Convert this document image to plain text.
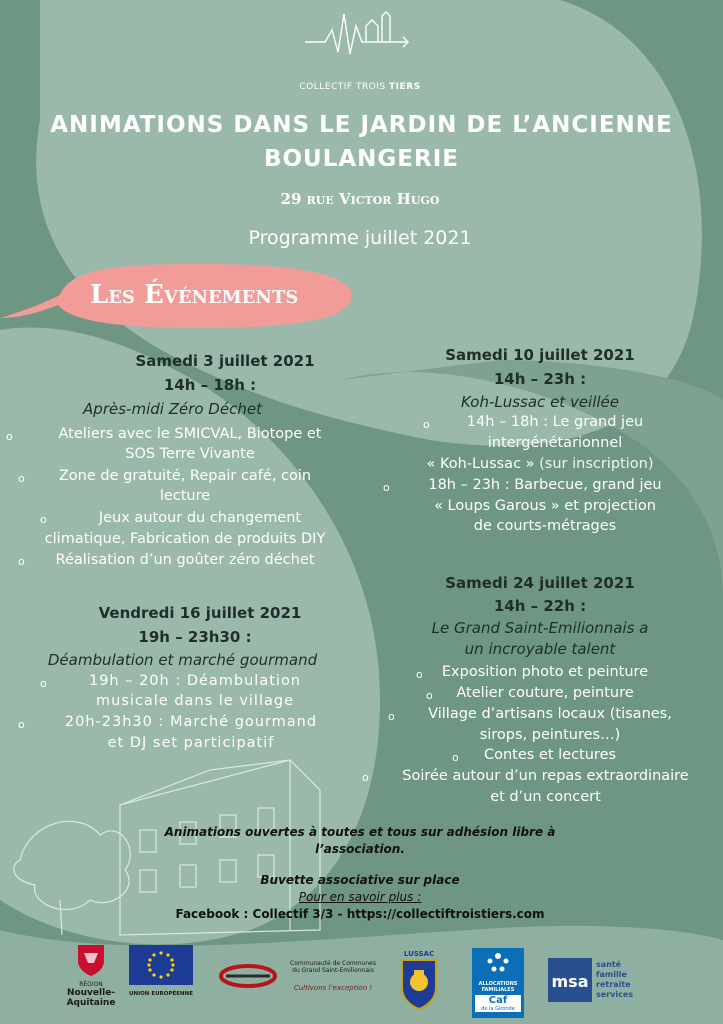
COLLECTIF TROIS TIERS
ANIMATIONS DANS LE JARDIN DE L’ANCIENNE
BOULANGERIE
29 rue Victor Hugo
Programme juillet 2021
Les Événements
Samedi 3 juillet 2021
14h – 18h :
Après-midi Zéro Déchet
o	Ateliers avec le SMICVAL, Biotope et
SOS Terre Vivante
o	Zone de gratuité, Repair café, coin
lecture
o	Jeux autour du changement
climatique, Fabrication de produits DIY
o	Réalisation d’un goûter zéro déchet
Samedi 10 juillet 2021
14h – 23h :
Koh-Lussac et veillée
o	14h – 18h : Le grand jeu
intergénétarionnel
« Koh-Lussac » (sur inscription)
o	18h – 23h : Barbecue, grand jeu
« Loups Garous » et projection
de courts-métrages
Vendredi 16 juillet 2021
19h – 23h30 :
Déambulation et marché gourmand
o	19h – 20h : Déambulation
musicale dans le village
o	20h-23h30 : Marché gourmand
et DJ set participatif
Samedi 24 juillet 2021
14h – 22h :
Le Grand Saint-Emilionnais a
un incroyable talent
o	Exposition photo et peinture
o	Atelier couture, peinture
o	Village d’artisans locaux (tisanes,
sirops, peintures…)
o	Contes et lectures
o	Soirée autour d’un repas extraordinaire
et d’un concert
Animations ouvertes à toutes et tous sur adhésion libre à
l’association.
Buvette associative sur place
Pour en savoir plus :
Facebook : Collectif 3/3 - https://collectiftroistiers.com
RÉGION
Nouvelle-
Aquitaine
UNION EUROPÉENNE
Communauté de Communes
du Grand Saint-Emilionnais
Cultivons l’exception !
LUSSAC
ALLOCATIONS
FAMILIALES
Caf
de la Gironde
msa
santé
famille
retraite
services
